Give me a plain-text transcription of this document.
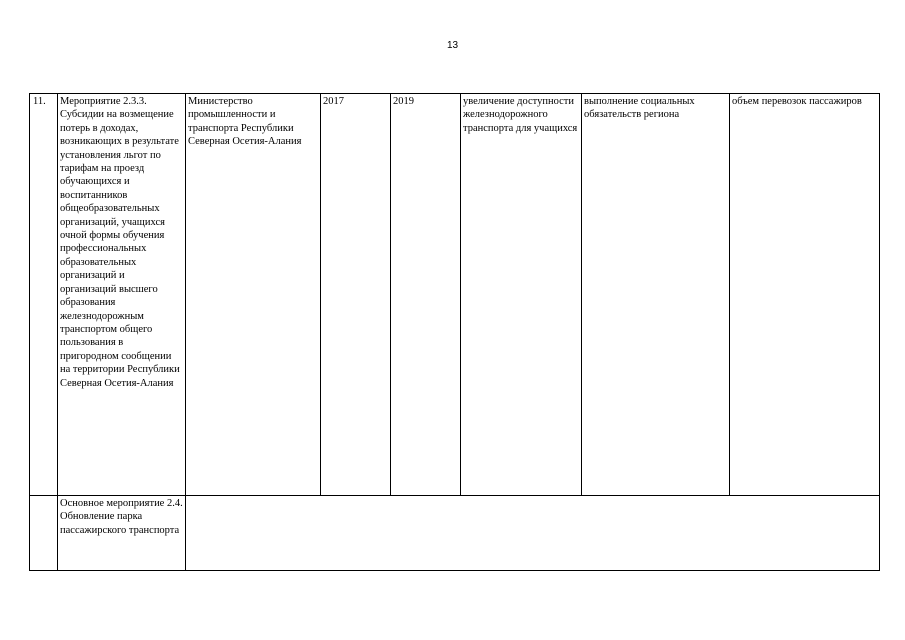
13
11.	Мероприятие 2.3.3. Субсидии на возмещение потерь в доходах, возникающих в результате установления льгот по тарифам на проезд обучающихся и воспитанников общеобразовательных организаций, учащихся очной формы обучения профессиональных образовательных организаций и организаций высшего образования железнодорожным транспортом общего пользования в пригородном сообщении на территории Республики Северная Осетия-Алания	Министерство промышленности и транспорта Республики Северная Осетия-Алания	2017	2019	увеличение доступности железнодорожного транспорта для учащихся	выполнение социальных обязательств региона	объем перевозок пассажиров
	Основное мероприятие 2.4. Обновление парка пассажирского транспорта						
